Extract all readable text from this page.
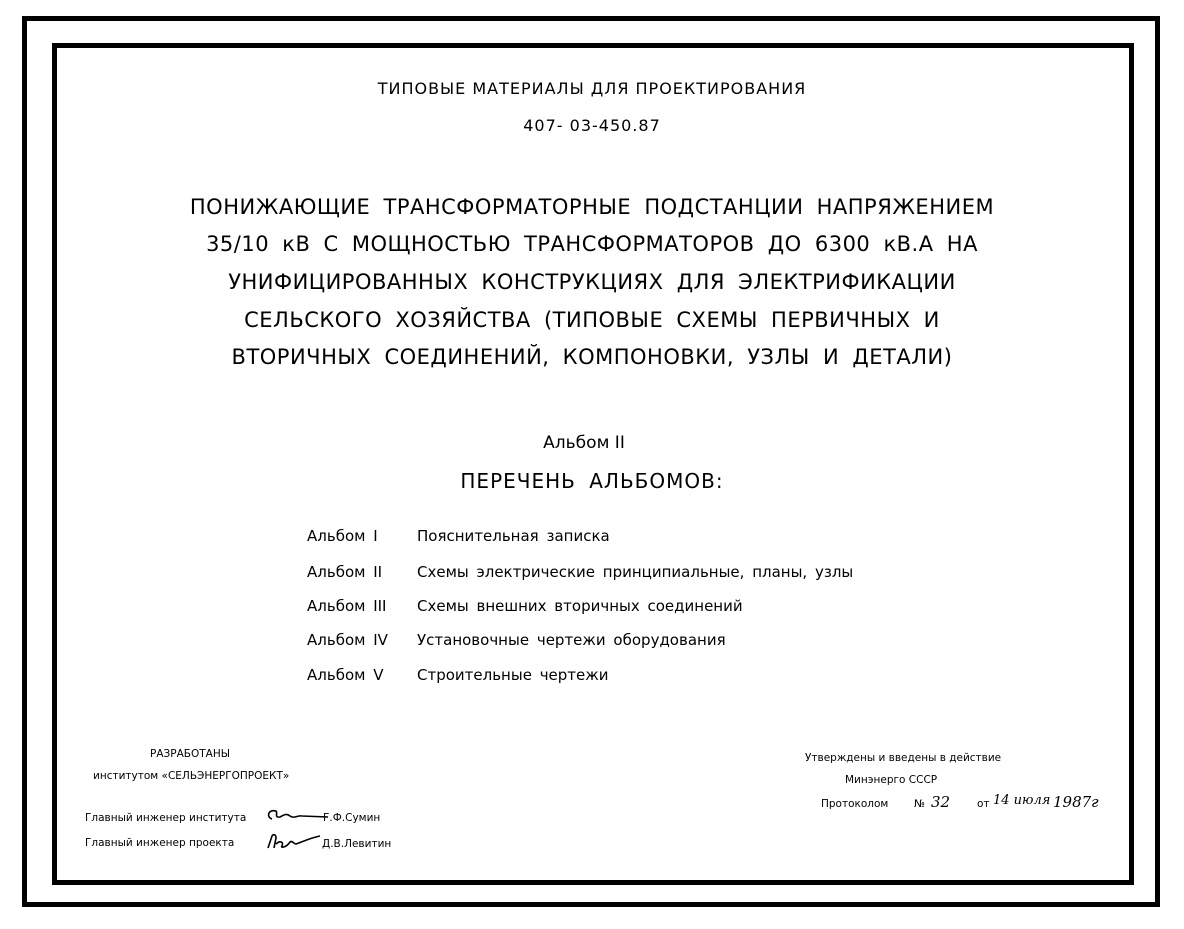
ТИПОВЫЕ МАТЕРИАЛЫ ДЛЯ ПРОЕКТИРОВАНИЯ
407- 03-450.87
ПОНИЖАЮЩИЕ ТРАНСФОРМАТОРНЫЕ ПОДСТАНЦИИ НАПРЯЖЕНИЕМ
35/10 кВ С МОЩНОСТЬЮ ТРАНСФОРМАТОРОВ ДО 6300 кВ.А НА
УНИФИЦИРОВАННЫХ КОНСТРУКЦИЯХ ДЛЯ ЭЛЕКТРИФИКАЦИИ
СЕЛЬСКОГО ХОЗЯЙСТВА (ТИПОВЫЕ СХЕМЫ ПЕРВИЧНЫХ И
ВТОРИЧНЫХ СОЕДИНЕНИЙ, КОМПОНОВКИ, УЗЛЫ И ДЕТАЛИ)
Альбом II
ПЕРЕЧЕНЬ АЛЬБОМОВ:
Альбом I	Пояснительная записка
Альбом II Схемы электрические принципиальные, планы, узлы
Альбом III Схемы внешних вторичных соединений
Альбом IV Установочные чертежи оборудования
Альбом V Строительные чертежи
РАЗРАБОТАНЫ
институтом «СЕЛЬЭНЕРГОПРОЕКТ»
Главный инженер института	Г.Ф.Сумин
Главный инженер проекта	Д.В.Левитин
Утверждены и введены в действие
Минэнерго СССР
Протоколом № 32	от 14 июля 1987 г
